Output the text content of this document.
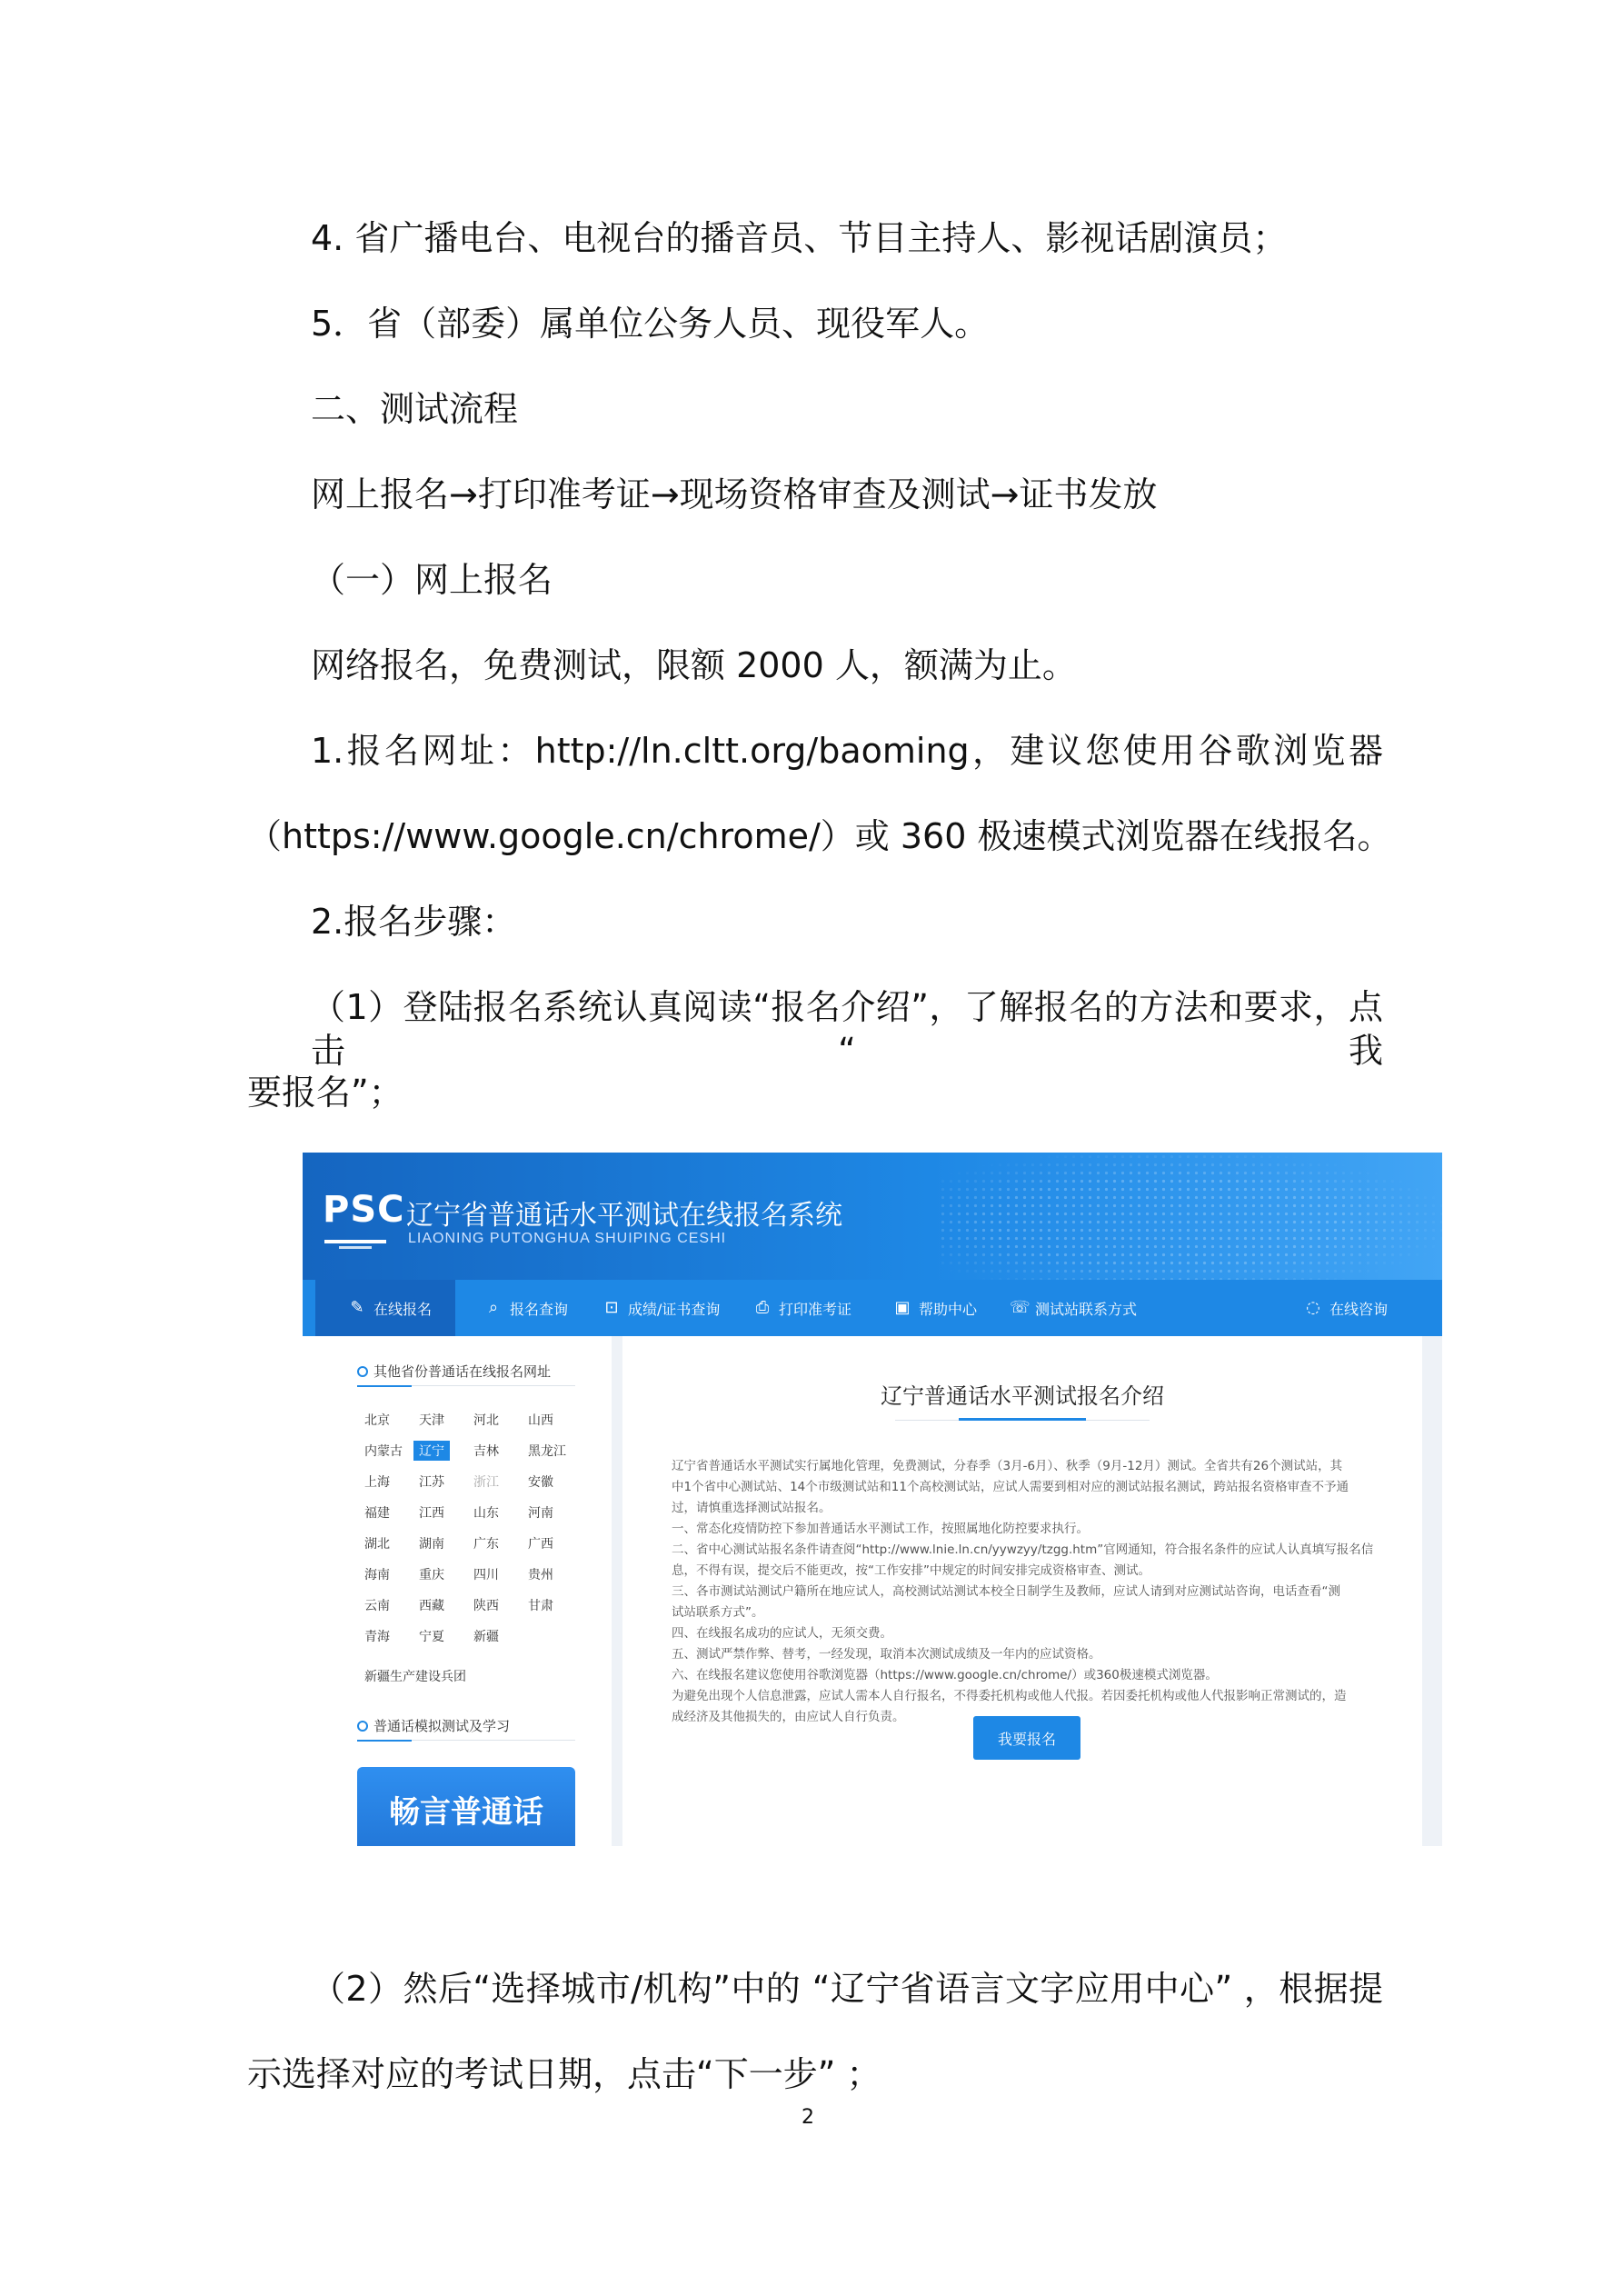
4. 省广播电台、电视台的播音员、节目主持人、影视话剧演员；
5．省（部委）属单位公务人员、现役军人。
二、测试流程
网上报名→打印准考证→现场资格审查及测试→证书发放
（一）网上报名
网络报名，免费测试，限额 2000 人，额满为止。
1.报名网址：http://ln.cltt.org/baoming，建议您使用谷歌浏览器
（https://www.google.cn/chrome/）或 360 极速模式浏览器在线报名。
2.报名步骤：
（1）登陆报名系统认真阅读“报名介绍”，了解报名的方法和要求，点击“我
要报名”；
PSC 辽宁省普通话水平测试在线报名系统
LIAONING PUTONGHUA SHUIPING CESHI
✎ 在线报名	⌕ 报名查询 ⊡ 成绩/证书查询 ⎙ 打印准考证	▣ 帮助中心 ☏ 测试站联系方式	◌ 在线咨询
其他省份普通话在线报名网址
北京 天津 河北 山西
内蒙古	辽宁	吉林 黑龙江
上海 江苏 浙江 安徽
福建 江西 山东 河南
湖北 湖南 广东 广西
海南 重庆 四川 贵州
云南 西藏 陕西 甘肃
青海 宁夏 新疆
新疆生产建设兵团
普通话模拟测试及学习
畅言普通话
辽宁普通话水平测试报名介绍
辽宁省普通话水平测试实行属地化管理，免费测试，分春季（3月-6月）、秋季（9月-12月）测试。全省共有26个测试站，其
中1个省中心测试站、14个市级测试站和11个高校测试站，应试人需要到相对应的测试站报名测试，跨站报名资格审查不予通
过，请慎重选择测试站报名。
一、常态化疫情防控下参加普通话水平测试工作，按照属地化防控要求执行。
二、省中心测试站报名条件请查阅“http://www.lnie.ln.cn/yywzyy/tzgg.htm”官网通知，符合报名条件的应试人认真填写报名信
息，不得有误，提交后不能更改，按“工作安排”中规定的时间安排完成资格审查、测试。
三、各市测试站测试户籍所在地应试人，高校测试站测试本校全日制学生及教师，应试人请到对应测试站咨询，电话查看“测
试站联系方式”。
四、在线报名成功的应试人，无须交费。
五、测试严禁作弊、替考，一经发现，取消本次测试成绩及一年内的应试资格。
六、在线报名建议您使用谷歌浏览器（https://www.google.cn/chrome/）或360极速模式浏览器。
为避免出现个人信息泄露，应试人需本人自行报名，不得委托机构或他人代报。若因委托机构或他人代报影响正常测试的，造
成经济及其他损失的，由应试人自行负责。
我要报名
（2）然后“选择城市/机构”中的 “辽宁省语言文字应用中心” ，根据提
示选择对应的考试日期，点击“下一步” ；
2
